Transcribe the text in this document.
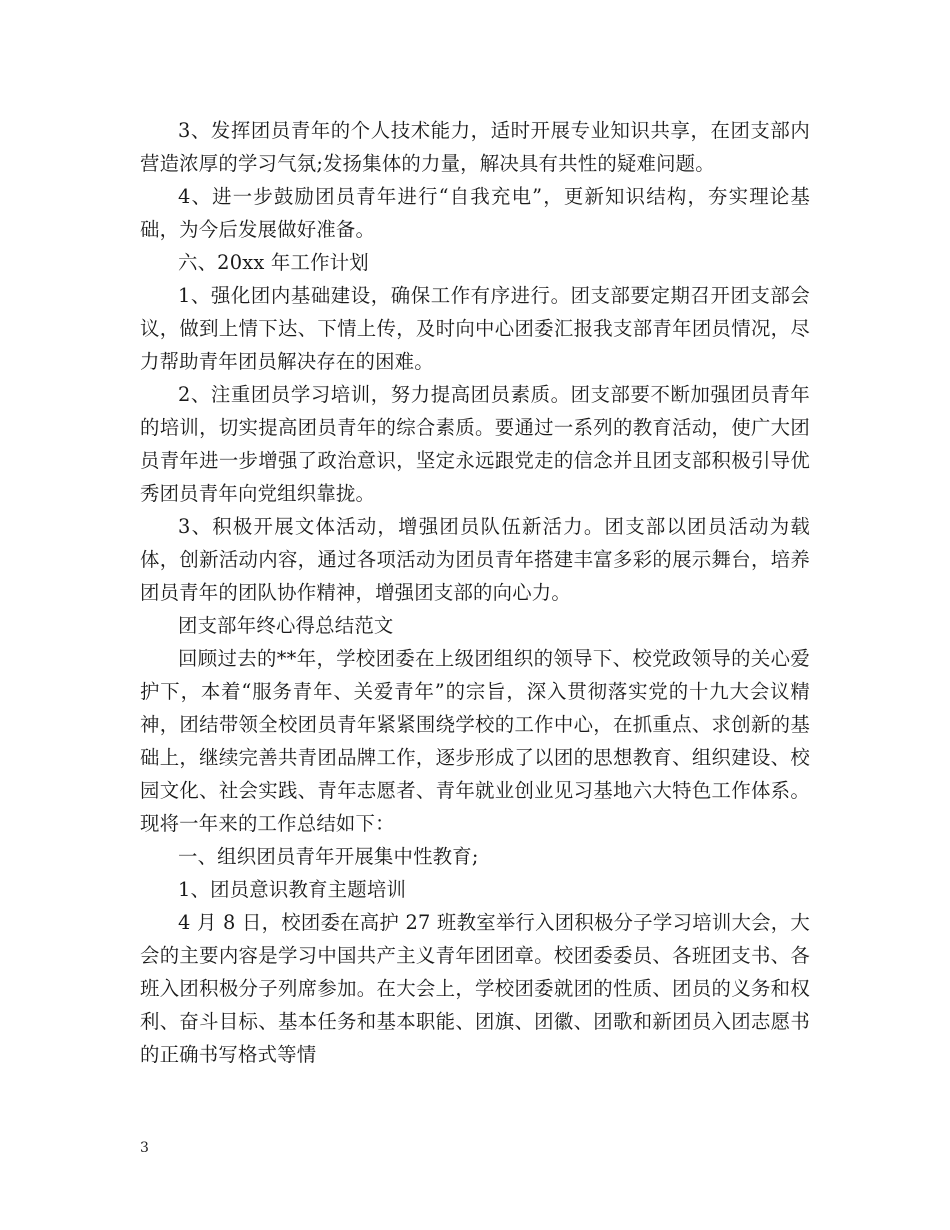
3、发挥团员青年的个人技术能力，适时开展专业知识共享，在团支部内营造浓厚的学习气氛;发扬集体的力量，解决具有共性的疑难问题。

4、进一步鼓励团员青年进行“自我充电”，更新知识结构，夯实理论基础，为今后发展做好准备。

六、20xx 年工作计划

1、强化团内基础建设，确保工作有序进行。团支部要定期召开团支部会议，做到上情下达、下情上传，及时向中心团委汇报我支部青年团员情况，尽力帮助青年团员解决存在的困难。

2、注重团员学习培训，努力提高团员素质。团支部要不断加强团员青年的培训，切实提高团员青年的综合素质。要通过一系列的教育活动，使广大团员青年进一步增强了政治意识，坚定永远跟党走的信念并且团支部积极引导优秀团员青年向党组织靠拢。

3、积极开展文体活动，增强团员队伍新活力。团支部以团员活动为载体，创新活动内容，通过各项活动为团员青年搭建丰富多彩的展示舞台，培养团员青年的团队协作精神，增强团支部的向心力。

团支部年终心得总结范文

回顾过去的**年，学校团委在上级团组织的领导下、校党政领导的关心爱护下，本着“服务青年、关爱青年”的宗旨，深入贯彻落实党的十九大会议精神，团结带领全校团员青年紧紧围绕学校的工作中心，在抓重点、求创新的基础上，继续完善共青团品牌工作，逐步形成了以团的思想教育、组织建设、校园文化、社会实践、青年志愿者、青年就业创业见习基地六大特色工作体系。现将一年来的工作总结如下：

一、组织团员青年开展集中性教育;

1、团员意识教育主题培训

4 月 8 日，校团委在高护 27 班教室举行入团积极分子学习培训大会，大会的主要内容是学习中国共产主义青年团团章。校团委委员、各班团支书、各班入团积极分子列席参加。在大会上，学校团委就团的性质、团员的义务和权利、奋斗目标、基本任务和基本职能、团旗、团徽、团歌和新团员入团志愿书的正确书写格式等情

3
